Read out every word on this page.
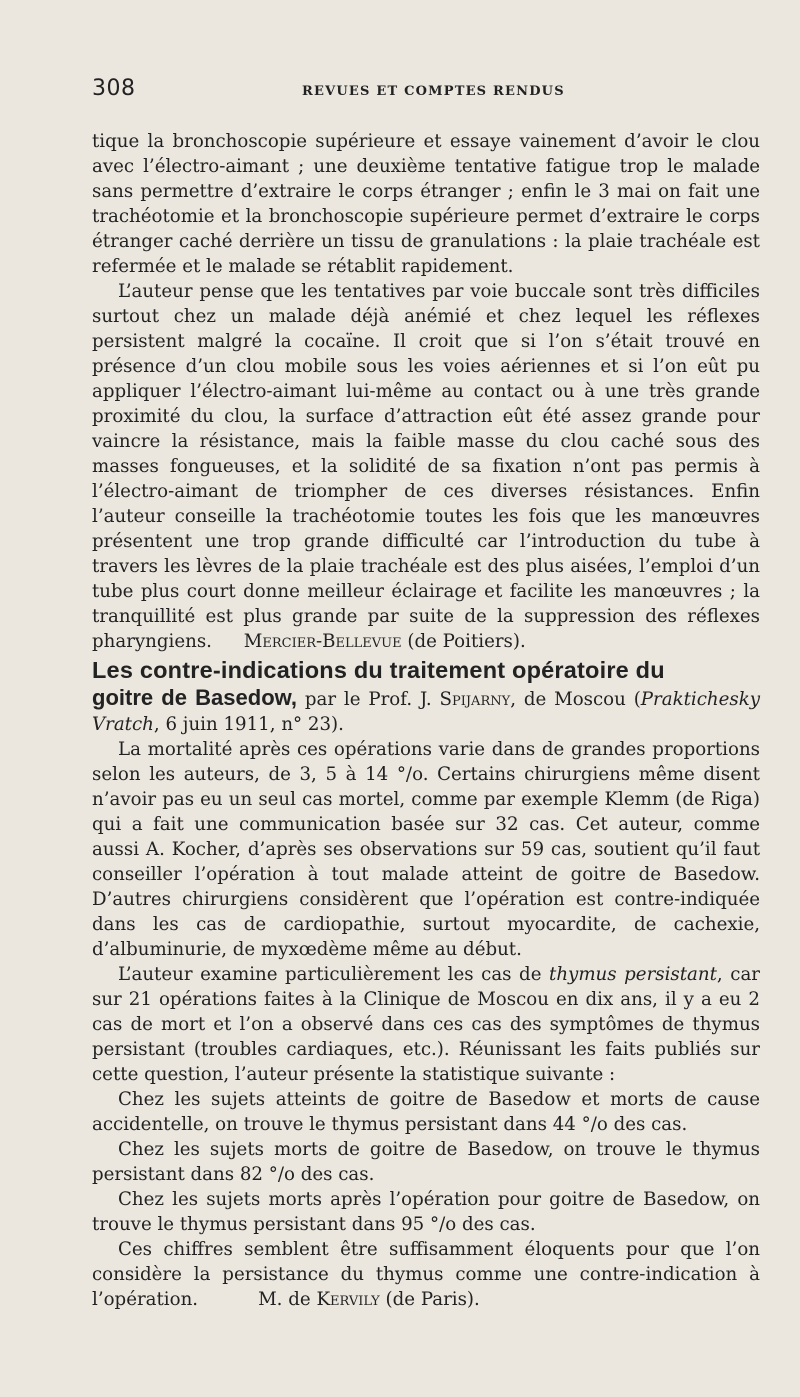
308	REVUES ET COMPTES RENDUS

tique la bronchoscopie supérieure et essaye vainement d’avoir le clou avec l’électro-aimant ; une deuxième tentative fatigue trop le malade sans permettre d’extraire le corps étranger ; enfin le 3 mai on fait une trachéotomie et la bronchoscopie supérieure permet d’extraire le corps étranger caché derrière un tissu de granulations : la plaie trachéale est refermée et le malade se rétablit rapidement.

L’auteur pense que les tentatives par voie buccale sont très difficiles surtout chez un malade déjà anémié et chez lequel les réflexes persistent malgré la cocaïne. Il croit que si l’on s’était trouvé en présence d’un clou mobile sous les voies aériennes et si l’on eût pu appliquer l’électro-aimant lui-même au contact ou à une très grande proximité du clou, la surface d’attraction eût été assez grande pour vaincre la résistance, mais la faible masse du clou caché sous des masses fongueuses, et la solidité de sa fixation n’ont pas permis à l’électro-aimant de triompher de ces diverses résistances. Enfin l’auteur conseille la trachéotomie toutes les fois que les manœuvres présentent une trop grande difficulté car l’introduction du tube à travers les lèvres de la plaie trachéale est des plus aisées, l’emploi d’un tube plus court donne meilleur éclairage et facilite les manœuvres ; la tranquillité est plus grande par suite de la suppression des réflexes pharyngiens. Mercier-Bellevue (de Poitiers).

Les contre-indications du traitement opératoire du
goitre de Basedow, par le Prof. J. Spijarny, de Moscou (Praktichesky Vratch, 6 juin 1911, n° 23).

La mortalité après ces opérations varie dans de grandes proportions selon les auteurs, de 3, 5 à 14 °/o. Certains chirurgiens même disent n’avoir pas eu un seul cas mortel, comme par exemple Klemm (de Riga) qui a fait une communication basée sur 32 cas. Cet auteur, comme aussi A. Kocher, d’après ses observations sur 59 cas, soutient qu’il faut conseiller l’opération à tout malade atteint de goitre de Basedow. D’autres chirurgiens considèrent que l’opération est contre-indiquée dans les cas de cardiopathie, surtout myocardite, de cachexie, d’albuminurie, de myxœdème même au début.

L’auteur examine particulièrement les cas de thymus persistant, car sur 21 opérations faites à la Clinique de Moscou en dix ans, il y a eu 2 cas de mort et l’on a observé dans ces cas des symptômes de thymus persistant (troubles cardiaques, etc.). Réunissant les faits publiés sur cette question, l’auteur présente la statistique suivante :

Chez les sujets atteints de goitre de Basedow et morts de cause accidentelle, on trouve le thymus persistant dans 44 °/o des cas.

Chez les sujets morts de goitre de Basedow, on trouve le thymus persistant dans 82 °/o des cas.

Chez les sujets morts après l’opération pour goitre de Basedow, on trouve le thymus persistant dans 95 °/o des cas.

Ces chiffres semblent être suffisamment éloquents pour que l’on considère la persistance du thymus comme une contre-indication à l’opération.	M. de Kervily (de Paris).
